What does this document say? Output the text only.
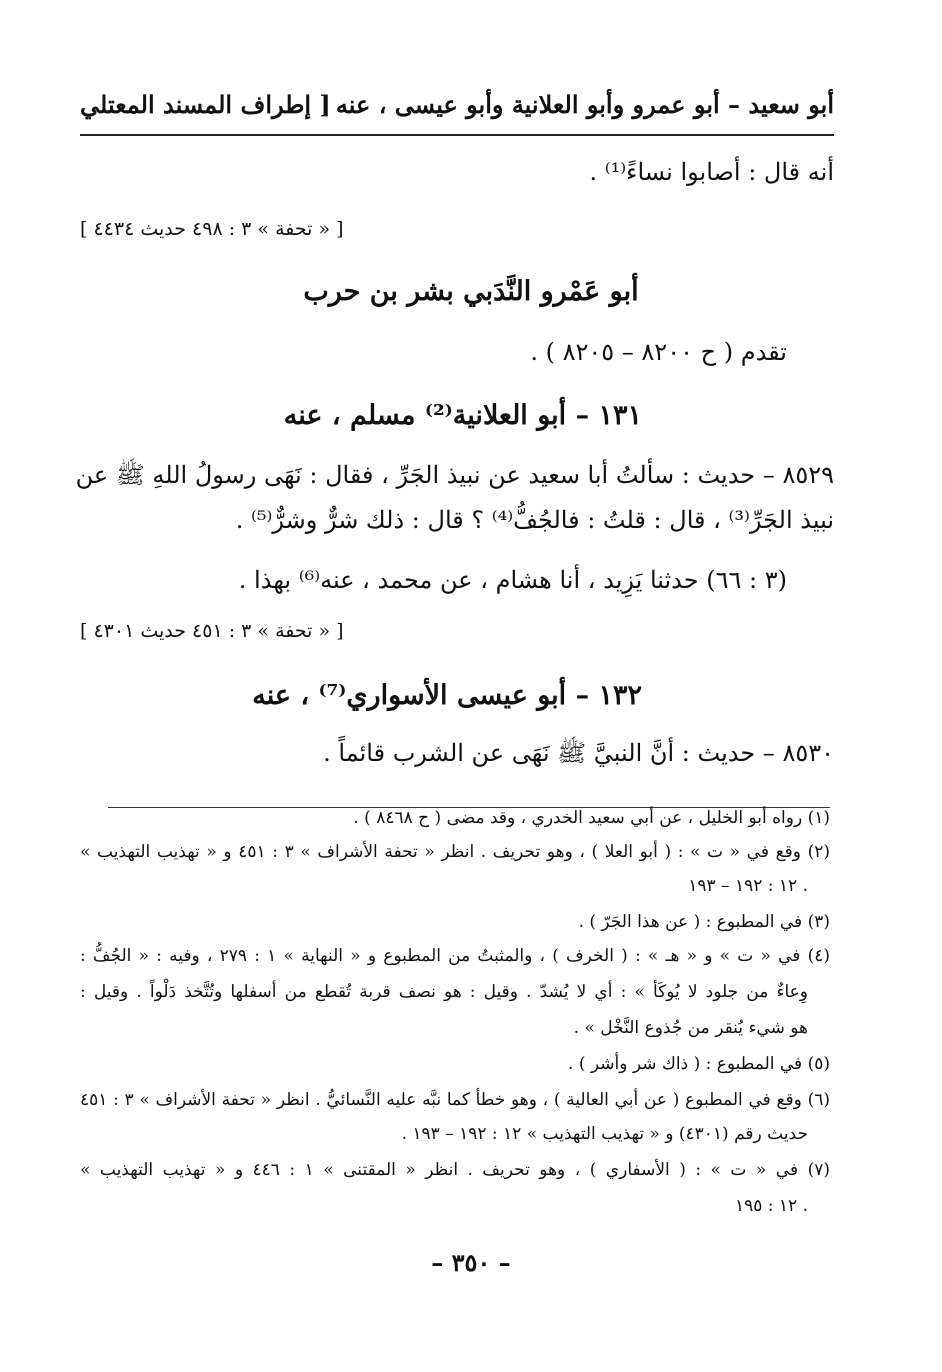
أبو سعيد – أبو عمرو وأبو العلانية وأبو عيسى ، عنه
[ إطراف المسند المعتلي
أنه قال : أصابوا نساءً⁽¹⁾ .
[ « تحفة » ٣ : ٤٩٨ حديث ٤٤٣٤ ]
أبو عَمْرو النَّدَبي بشر بن حرب
تقدم ( ح ٨٢٠٠ – ٨٢٠٥ ) .
١٣١ – أبو العلانية⁽²⁾ مسلم ، عنه
٨٥٢٩ – حديث : سألتُ أبا سعيد عن نبيذ الجَرِّ ، فقال : نَهَى رسولُ اللهِ ﷺ عن
نبيذ الجَرِّ⁽³⁾ ، قال : قلتُ : فالجُفُّ⁽⁴⁾ ؟ قال : ذلك شرٌّ وشرٌّ⁽⁵⁾ .
(٣ : ٦٦) حدثنا يَزِيد ، أنا هشام ، عن محمد ، عنه⁽⁶⁾ بهذا .
[ « تحفة » ٣ : ٤٥١ حديث ٤٣٠١ ]
١٣٢ – أبو عيسى الأسواري⁽⁷⁾ ، عنه
٨٥٣٠ – حديث : أنَّ النبيَّ ﷺ نَهَى عن الشرب قائماً .
(١) رواه أبو الخليل ، عن أبي سعيد الخدري ، وقد مضى ( ح ٨٤٦٨ ) .
(٢) وقع في « ت » : ( أبو العلا ) ، وهو تحريف . انظر « تحفة الأشراف » ٣ : ٤٥١ و « تهذيب التهذيب »
١٢ : ١٩٢ – ١٩٣ .
(٣) في المطبوع : ( عن هذا الجَرّ ) .
(٤) في « ت » و « هـ » : ( الخرف ) ، والمثبتُ من المطبوع و « النهاية » ١ : ٢٧٩ ، وفيه : « الجُفُّ :
وِعاءٌ من جلود لا يُوكَأ » : أي لا يُشدّ . وقيل : هو نصف قربة تُقطع من أسفلها وتُتَّخذ دَلْواً . وقيل :
هو شيء يُنقر من جُذوع النَّخْل » .
(٥) في المطبوع : ( ذاك شر وأشر ) .
(٦) وقع في المطبوع ( عن أبي العالية ) ، وهو خطأ كما نبَّه عليه النَّسائيُّ . انظر « تحفة الأشراف » ٣ : ٤٥١
حديث رقم (٤٣٠١) و « تهذيب التهذيب » ١٢ : ١٩٢ – ١٩٣ .
(٧) في « ت » : ( الأسفاري ) ، وهو تحريف . انظر « المقتنى » ١ : ٤٤٦ و « تهذيب التهذيب »
١٢ : ١٩٥ .
– ٣٥٠ –
